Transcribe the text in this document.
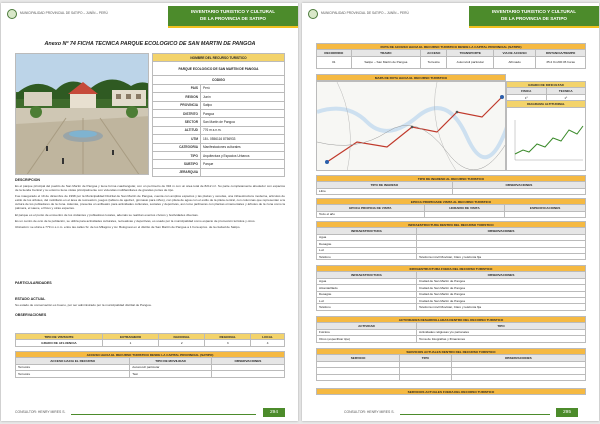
MUNICIPALIDAD PROVINCIAL DE SATIPO – JUNÍN – PERÚ	INVENTARIO TURISTICO Y CULTURAL
DE LA PROVINCIA DE SATIPO
Anexo Nº 74 FICHA TECNICA PARQUE ECOLOGICO DE SAN MARTIN DE PANGOA
NOMBRE DEL RECURSO TURISTICO	
PARQUE ECOLOGICO DE SAN MARTIN DE PANGOA	
CODIGO	
PAIS	Perú
REGION	Junín
PROVINCIA	Satipo
DISTRITO	Pangoa
SECTOR	San Martin de Pangoa
ALTITUD	776 m.s.n.m.
UTM	18 L 0556116 8756933
CATEGORIA	Manifestaciones culturales
TIPO	Arquitectura y Espacios Urbanos
SUBTIPO	Parque
JERARQUIA	
DESCRIPCION

Es el parque principal del pueblo de San Martín de Pangoa y tiene forma cuadrangular, con un perímetro de 394 m con un área total de 8212 m². Su parte completamente alrededor con espacios de la tienda Central y su entorno tiene vistas principalmente con viviendas multifamiliares de grandes portes de tipo.

Fue inaugurado el 19 de diciembre de 1998 por la Municipalidad Distrital de San Martín de Pangoa, cuenta con amplios espacios y las plazas y veredas, una infraestructura moderna, artículos de estilo de los árboles, del mobiliario en el área de recreación, juegos (tablero de ajedrez, gimnasio para niños), con pileta de agua con el estilo de la pileta central, con columnas que representan a la cultura de los pobladores de la zona. Además, presenta un anfiteatro para actividades culturales, sociales y deportivas, así como jardineras con plantas ornamentales y árboles de la zona como la palmera, el sauce, el ficus y otras especies.

El parque es el punto de encuentro de los visitantes y pobladores locales, además se realizan eventos cívicos y festividades diversas.

Es un centro de ocio de la población, se utiliza para actividades culturales, recreativas y deportivas, es usado por la municipalidad como espacio de promoción turística y otros.

Ubicación: se ubica a 779 m.s.n.m. entre las calles Sr. de los Milagros y Av. Bolognesi en el distrito de San Martín de Pangoa a 1 hora aprox. de la ciudad de Satipo.

PARTICULARIDADES
ESTADO ACTUAL
Su estado de conservación es bueno, por ser administrado por la municipalidad distrital de Pangoa.
OBSERVACIONES
TIPO DE VISITANTE	EXTRANJERO	NACIONAL	REGIONAL	LOCAL
GRADO DE AFLUENCIA	1	2	3	4
ACCESO HACIA EL RECURSO TURISTICO DESDE LA CAPITAL PROVINCIAL (SATIPO)		
ACCESO HACIA EL RECURSO	TIPO DE MOVILIDAD	OBSERVACIONES
Terrestre	Automóvil particular	
Terrestre	Taxi	
CONSULTOR: HENRY MIRES S.	294
MUNICIPALIDAD PROVINCIAL DE SATIPO – JUNÍN – PERÚ	INVENTARIO TURISTICO Y CULTURAL
DE LA PROVINCIA DE SATIPO
RUTA DE ACCESO HACIA EL RECURSO TURISTICO DESDE LA CAPITAL PROVINCIAL (SATIPO)					
RECORRIDO	TRAMO	ACCESO	TRANSPORTE	VIA DE ACCESO	DISTANCIA/TIEMPO
01	Satipo – San Martin de Pangoa	Terrestre	Automóvil particular	Afirmado	35.2 Km/00:45 horas
MAPA DE RUTA HACIA EL RECURSO TURISTICO
GRADO DE DIFICULTAD
FISICA	TECNICA
1º	1º
DIAGRAMA ALTITUDINAL
TIPO DE INGRESO AL RECURSO TURISTICO	
TIPO DE INGRESO	OBSERVACIONES
Libre	
EPOCA PROPICIADE VISITA AL RECURSO TURISTICO		
EPOCA PROPICIA DE VISITA	HORARIO DE VISITA	ESPECIFICACIONES
Todo el año		
INFRAESTRUCTURA DENTRO DEL RECURSO TURISTICO	
INFRAESTRUCTURA	OBSERVACIONES
Agua	
Desagüe	
Luz	
Teléfono	Telefonía móvil Movistar, Claro y telefonía fija
INFRAESTRUCTURA FUERA DEL RECURSO TURISTICO	
INFRAESTRUCTURA	OBSERVACIONES
Agua	Ciudad de San Martín de Pangoa
Alcantarillado	Ciudad de San Martín de Pangoa
Desagüe	Ciudad de San Martín de Pangoa
Luz	Ciudad de San Martín de Pangoa
Teléfono	Telefonía móvil Movistar, Claro y telefonía fija
ACTIVIDADES DESARROLLADAS DENTRO DEL RECURSO TURISTICO	
ACTIVIDAD	TIPO
Folclore	Actividades religiosas y/o patronales
Otros (especificar tipo)	Toma de fotografías y filmaciones
SERVICIOS ACTUALES DENTRO DEL RECURSO TURISTICO		
SERVICIO	TIPO	OBSERVACIONES

SERVICIOS ACTUALES FUERA DEL RECURSO TURISTICO
CONSULTOR: HENRY MIRES S.	295
